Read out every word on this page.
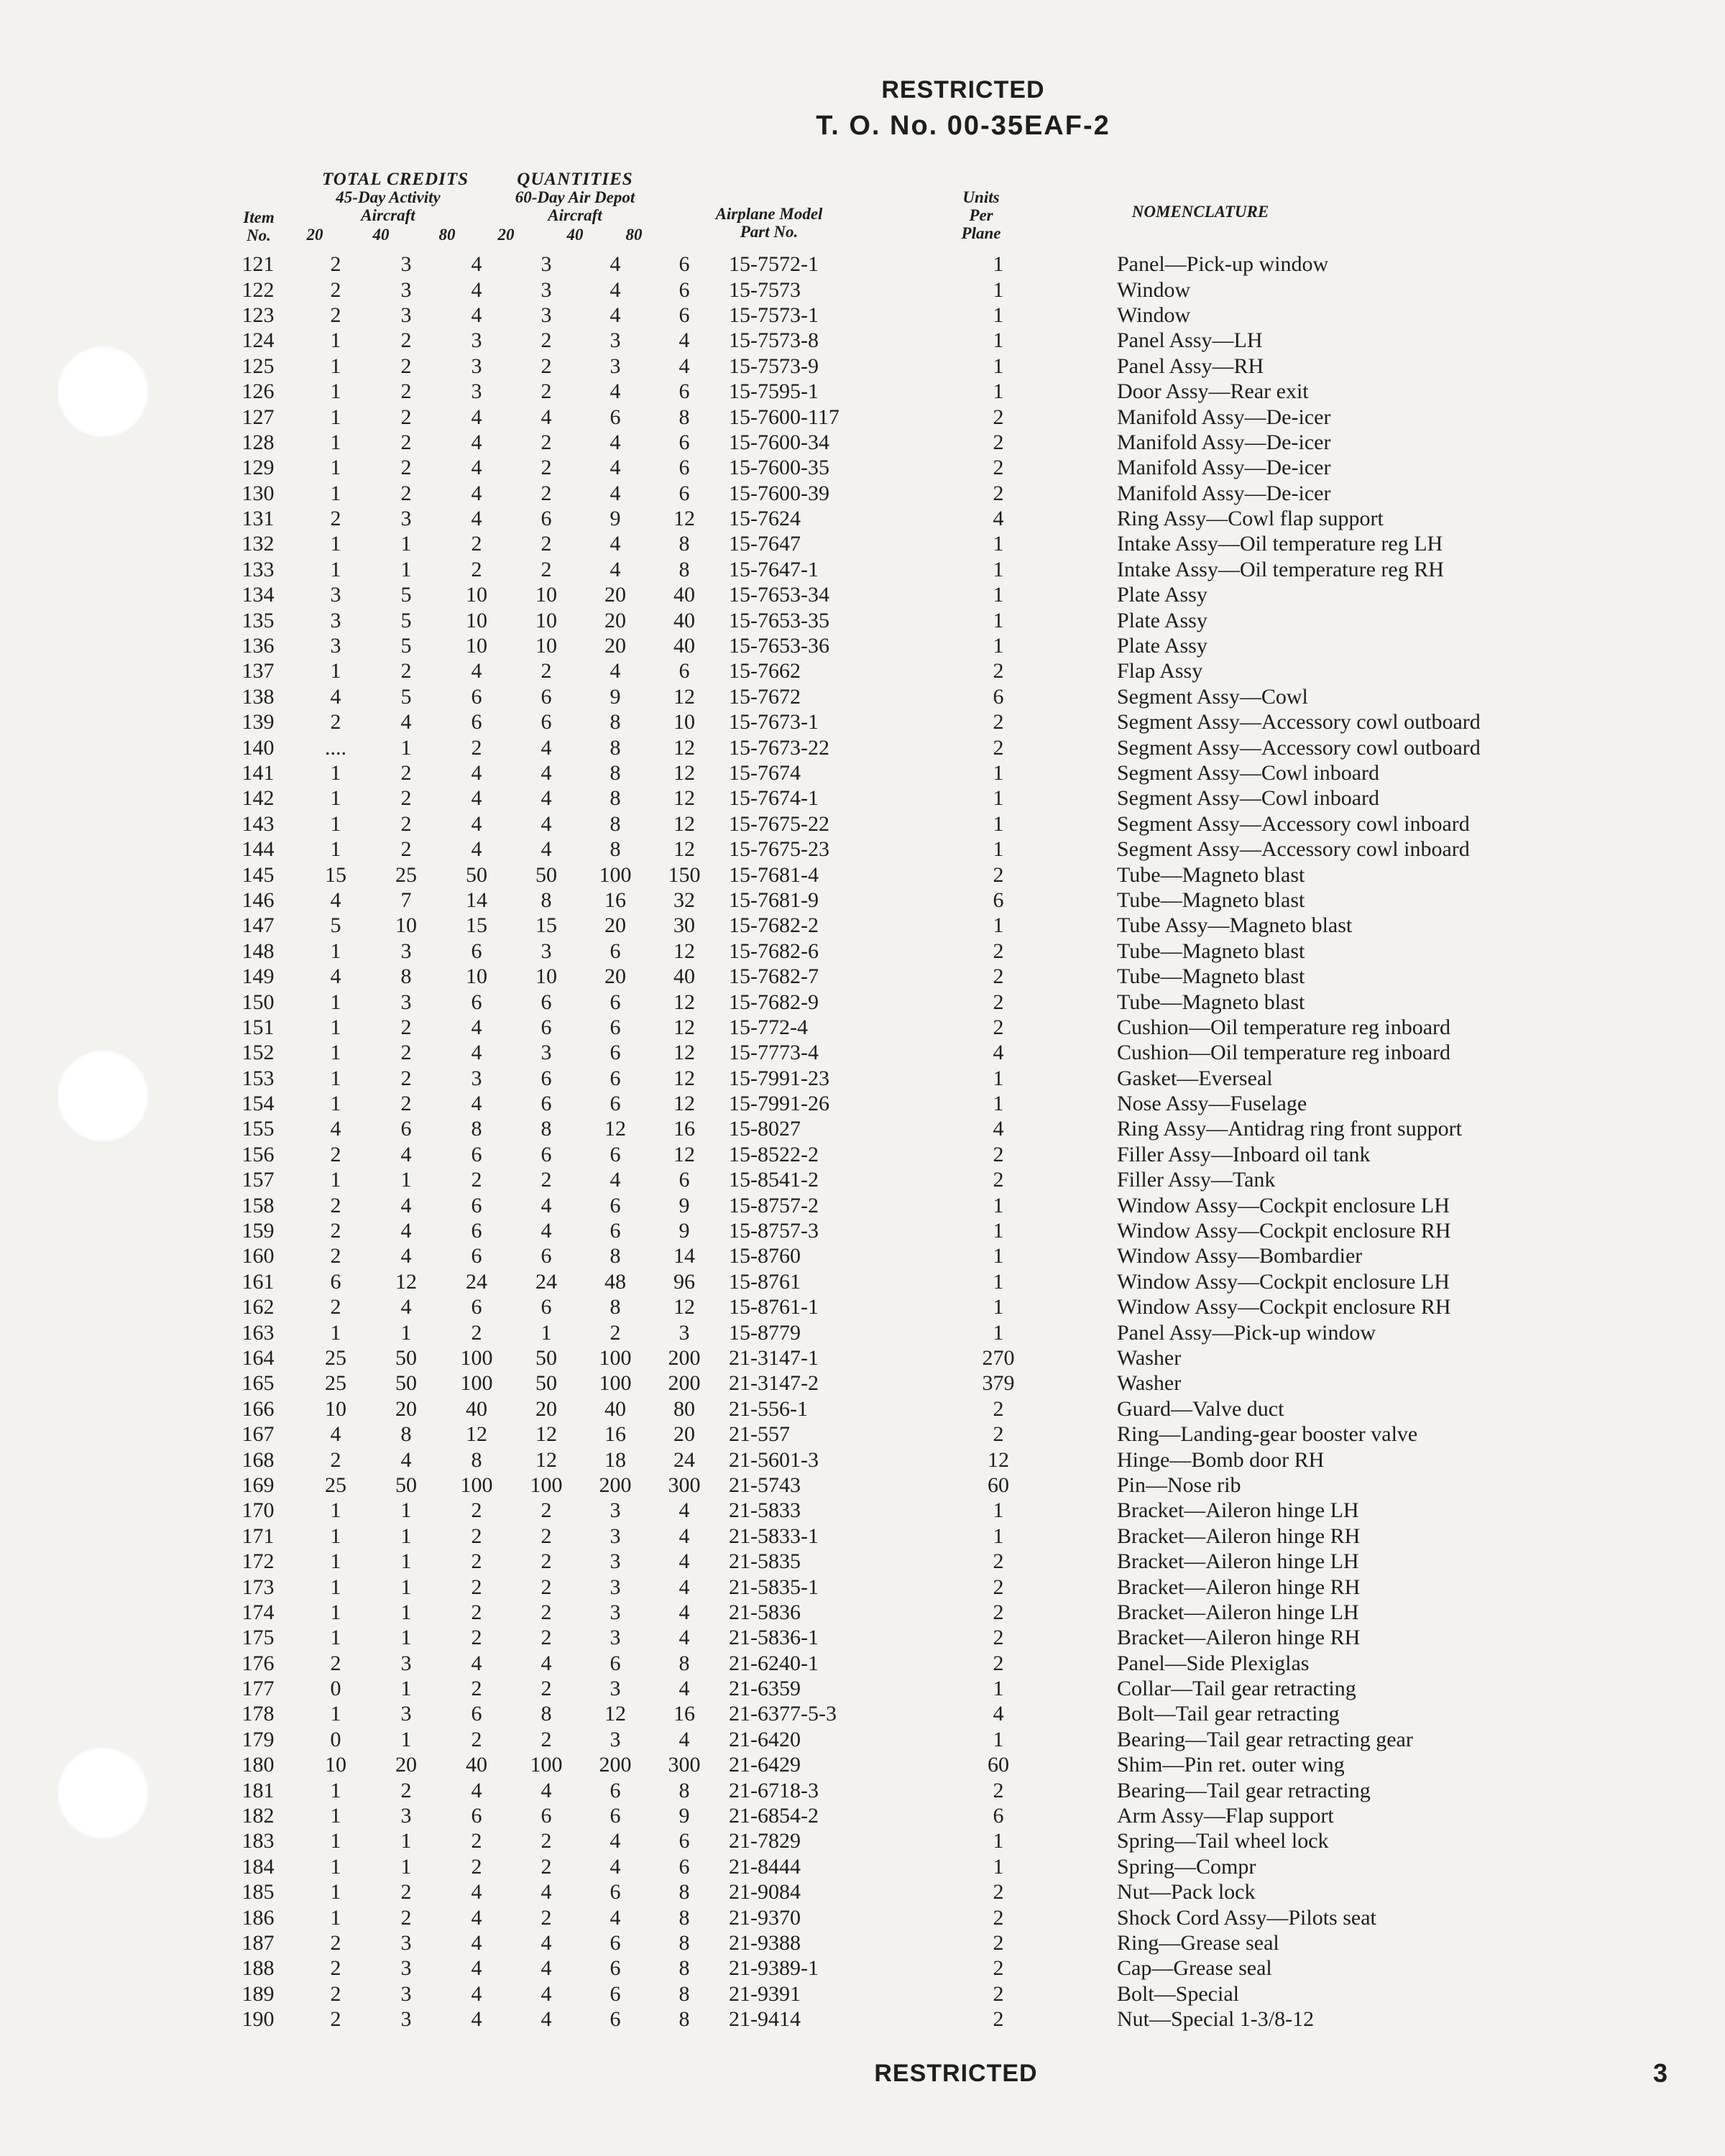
RESTRICTED
T. O. No. 00-35EAF-2
TOTAL CREDITS	QUANTITIES
45-Day Activity
Aircraft
60-Day Air Depot
Aircraft
Item
No.	20	40	80	20	40	80
Airplane Model
Part No.
Units
Per
Plane
NOMENCLATURE
121	2	3	4	3	4	6	15-7572-1	1	Panel—Pick-up window
122	2	3	4	3	4	6	15-7573	1	Window
123	2	3	4	3	4	6	15-7573-1	1	Window
124	1	2	3	2	3	4	15-7573-8	1	Panel Assy—LH
125	1	2	3	2	3	4	15-7573-9	1	Panel Assy—RH
126	1	2	3	2	4	6	15-7595-1	1	Door Assy—Rear exit
127	1	2	4	4	6	8	15-7600-117	2	Manifold Assy—De-icer
128	1	2	4	2	4	6	15-7600-34	2	Manifold Assy—De-icer
129	1	2	4	2	4	6	15-7600-35	2	Manifold Assy—De-icer
130	1	2	4	2	4	6	15-7600-39	2	Manifold Assy—De-icer
131	2	3	4	6	9	12	15-7624	4	Ring Assy—Cowl flap support
132	1	1	2	2	4	8	15-7647	1	Intake Assy—Oil temperature reg LH
133	1	1	2	2	4	8	15-7647-1	1	Intake Assy—Oil temperature reg RH
134	3	5	10	10	20	40	15-7653-34	1	Plate Assy
135	3	5	10	10	20	40	15-7653-35	1	Plate Assy
136	3	5	10	10	20	40	15-7653-36	1	Plate Assy
137	1	2	4	2	4	6	15-7662	2	Flap Assy
138	4	5	6	6	9	12	15-7672	6	Segment Assy—Cowl
139	2	4	6	6	8	10	15-7673-1	2	Segment Assy—Accessory cowl outboard
140	....	1	2	4	8	12	15-7673-22	2	Segment Assy—Accessory cowl outboard
141	1	2	4	4	8	12	15-7674	1	Segment Assy—Cowl inboard
142	1	2	4	4	8	12	15-7674-1	1	Segment Assy—Cowl inboard
143	1	2	4	4	8	12	15-7675-22	1	Segment Assy—Accessory cowl inboard
144	1	2	4	4	8	12	15-7675-23	1	Segment Assy—Accessory cowl inboard
145	15	25	50	50	100	150	15-7681-4	2	Tube—Magneto blast
146	4	7	14	8	16	32	15-7681-9	6	Tube—Magneto blast
147	5	10	15	15	20	30	15-7682-2	1	Tube Assy—Magneto blast
148	1	3	6	3	6	12	15-7682-6	2	Tube—Magneto blast
149	4	8	10	10	20	40	15-7682-7	2	Tube—Magneto blast
150	1	3	6	6	6	12	15-7682-9	2	Tube—Magneto blast
151	1	2	4	6	6	12	15-772-4	2	Cushion—Oil temperature reg inboard
152	1	2	4	3	6	12	15-7773-4	4	Cushion—Oil temperature reg inboard
153	1	2	3	6	6	12	15-7991-23	1	Gasket—Everseal
154	1	2	4	6	6	12	15-7991-26	1	Nose Assy—Fuselage
155	4	6	8	8	12	16	15-8027	4	Ring Assy—Antidrag ring front support
156	2	4	6	6	6	12	15-8522-2	2	Filler Assy—Inboard oil tank
157	1	1	2	2	4	6	15-8541-2	2	Filler Assy—Tank
158	2	4	6	4	6	9	15-8757-2	1	Window Assy—Cockpit enclosure LH
159	2	4	6	4	6	9	15-8757-3	1	Window Assy—Cockpit enclosure RH
160	2	4	6	6	8	14	15-8760	1	Window Assy—Bombardier
161	6	12	24	24	48	96	15-8761	1	Window Assy—Cockpit enclosure LH
162	2	4	6	6	8	12	15-8761-1	1	Window Assy—Cockpit enclosure RH
163	1	1	2	1	2	3	15-8779	1	Panel Assy—Pick-up window
164	25	50	100	50	100	200	21-3147-1	270	Washer
165	25	50	100	50	100	200	21-3147-2	379	Washer
166	10	20	40	20	40	80	21-556-1	2	Guard—Valve duct
167	4	8	12	12	16	20	21-557	2	Ring—Landing-gear booster valve
168	2	4	8	12	18	24	21-5601-3	12	Hinge—Bomb door RH
169	25	50	100	100	200	300	21-5743	60	Pin—Nose rib
170	1	1	2	2	3	4	21-5833	1	Bracket—Aileron hinge LH
171	1	1	2	2	3	4	21-5833-1	1	Bracket—Aileron hinge RH
172	1	1	2	2	3	4	21-5835	2	Bracket—Aileron hinge LH
173	1	1	2	2	3	4	21-5835-1	2	Bracket—Aileron hinge RH
174	1	1	2	2	3	4	21-5836	2	Bracket—Aileron hinge LH
175	1	1	2	2	3	4	21-5836-1	2	Bracket—Aileron hinge RH
176	2	3	4	4	6	8	21-6240-1	2	Panel—Side Plexiglas
177	0	1	2	2	3	4	21-6359	1	Collar—Tail gear retracting
178	1	3	6	8	12	16	21-6377-5-3	4	Bolt—Tail gear retracting
179	0	1	2	2	3	4	21-6420	1	Bearing—Tail gear retracting gear
180	10	20	40	100	200	300	21-6429	60	Shim—Pin ret. outer wing
181	1	2	4	4	6	8	21-6718-3	2	Bearing—Tail gear retracting
182	1	3	6	6	6	9	21-6854-2	6	Arm Assy—Flap support
183	1	1	2	2	4	6	21-7829	1	Spring—Tail wheel lock
184	1	1	2	2	4	6	21-8444	1	Spring—Compr
185	1	2	4	4	6	8	21-9084	2	Nut—Pack lock
186	1	2	4	2	4	8	21-9370	2	Shock Cord Assy—Pilots seat
187	2	3	4	4	6	8	21-9388	2	Ring—Grease seal
188	2	3	4	4	6	8	21-9389-1	2	Cap—Grease seal
189	2	3	4	4	6	8	21-9391	2	Bolt—Special
190	2	3	4	4	6	8	21-9414	2	Nut—Special 1-3/8-12
RESTRICTED	3
